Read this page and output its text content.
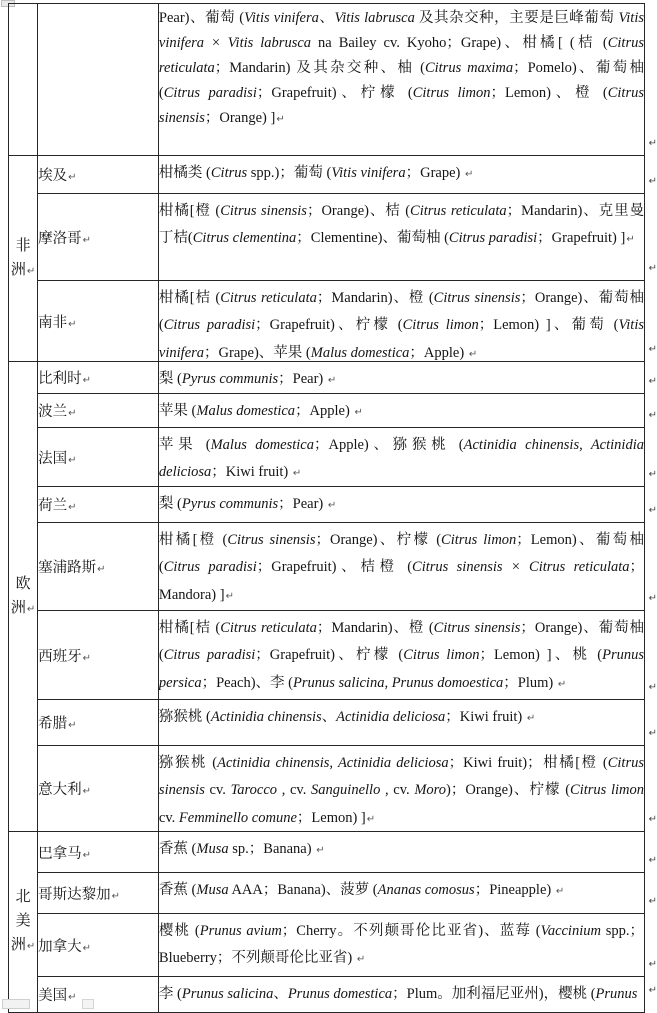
		Pear)、葡萄 (Vitis vinifera、Vitis labrusca 及其杂交种，主要是巨峰葡萄 Vitis vinifera × Vitis labrusca na Bailey cv. Kyoho；Grape)、柑橘[ (桔 (Citrus reticulata；Mandarin) 及其杂交种、柚 (Citrus maxima；Pomelo)、葡萄柚 (Citrus paradisi；Grapefruit)、柠檬 (Citrus limon；Lemon)、橙 (Citrus sinensis；Orange) ]↵
↵

非
洲↵	埃及↵	柑橘类 (Citrus spp.)；葡萄 (Vitis vinifera；Grape) ↵
↵

	摩洛哥↵	柑橘[橙 (Citrus sinensis；Orange)、桔 (Citrus reticulata；Mandarin)、克里曼丁桔(Citrus clementina；Clementine)、葡萄柚 (Citrus paradisi；Grapefruit) ]↵
↵

	南非↵	柑橘[桔 (Citrus reticulata；Mandarin)、橙 (Citrus sinensis；Orange)、葡萄柚 (Citrus paradisi；Grapefruit)、柠檬 (Citrus limon；Lemon) ]、葡萄 (Vitis vinifera；Grape)、苹果 (Malus domestica；Apple) ↵ ↵

欧
洲↵	比利时↵	梨 (Pyrus communis；Pear) ↵ ↵

	波兰↵	苹果 (Malus domestica；Apple) ↵ ↵

	法国↵	苹果 (Malus domestica；Apple)、猕猴桃 (Actinidia chinensis, Actinidia deliciosa；Kiwi fruit) ↵ ↵

	荷兰↵	梨 (Pyrus communis；Pear) ↵ ↵

	塞浦路斯↵	柑橘[橙 (Citrus sinensis；Orange)、柠檬 (Citrus limon；Lemon)、葡萄柚 (Citrus paradisi；Grapefruit)、桔橙 (Citrus sinensis × Citrus reticulata；Mandora) ]↵ ↵

	西班牙↵	柑橘[桔 (Citrus reticulata；Mandarin)、橙 (Citrus sinensis；Orange)、葡萄柚 (Citrus paradisi；Grapefruit)、柠檬 (Citrus limon；Lemon) ]、桃 (Prunus persica；Peach)、李 (Prunus salicina, Prunus domoestica；Plum) ↵ ↵

	希腊↵	猕猴桃 (Actinidia chinensis、Actinidia deliciosa；Kiwi fruit) ↵
↵

	意大利↵	猕猴桃 (Actinidia chinensis, Actinidia deliciosa；Kiwi fruit)；柑橘[橙 (Citrus sinensis cv. Tarocco , cv. Sanguinello , cv. Moro)；Orange)、柠檬 (Citrus limon cv. Femminello comune；Lemon) ]↵ ↵

北
美
洲↵	巴拿马↵	香蕉 (Musa sp.；Banana) ↵
↵

	哥斯达黎加↵	香蕉 (Musa AAA；Banana)、菠萝 (Ananas comosus；Pineapple) ↵
↵

	加拿大↵	樱桃 (Prunus avium；Cherry。不列颠哥伦比亚省)、蓝莓 (Vaccinium spp.；Blueberry；不列颠哥伦比亚省) ↵ ↵

	美国↵	李 (Prunus salicina、Prunus domestica；Plum。加利福尼亚州)，樱桃 (Prunus ↵
